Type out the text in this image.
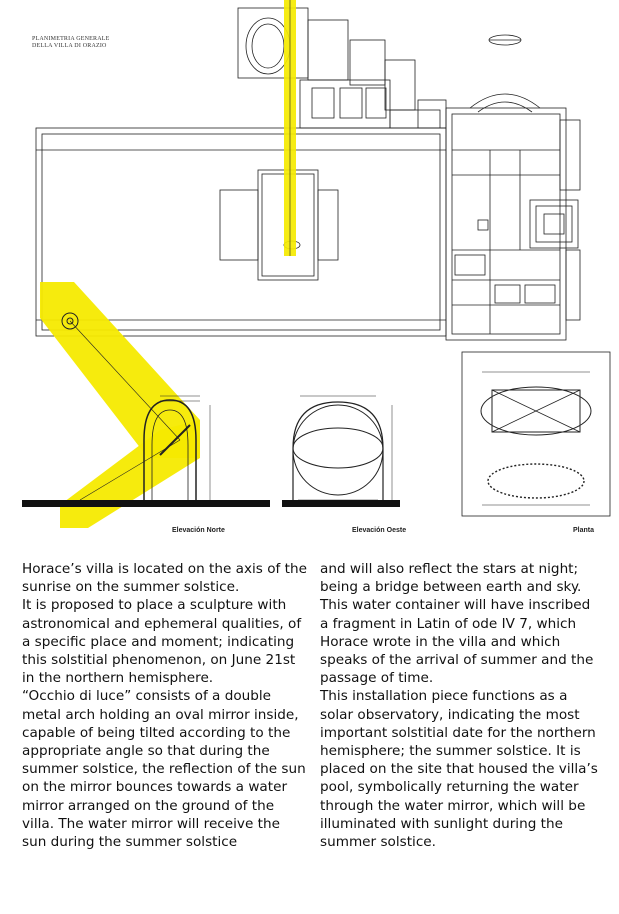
PLANIMETRIA GENERALE
DELLA VILLA DI ORAZIO
Elevación Norte	Elevación Oeste	Planta

Horace’s villa is located on the axis of the sunrise on the summer solstice.

It is proposed to place a sculpture with astronomical and ephemeral qualities, of a specific place and moment; indicating this solstitial phenomenon, on June 21st in the northern hemisphere.

“Occhio di luce” consists of a double metal arch holding an oval mirror inside, capable of being tilted according to the appropriate angle so that during the summer solstice, the reflection of the sun on the mirror bounces towards a water mirror arranged on the ground of the villa. The water mirror will receive the sun during the summer solstice

and will also reflect the stars at night; being a bridge between earth and sky. This water container will have inscribed a fragment in Latin of ode IV 7, which Horace wrote in the villa and which speaks of the arrival of summer and the passage of time.

This installation piece functions as a solar observatory, indicating the most important solstitial date for the northern hemisphere; the summer solstice. It is placed on the site that housed the villa’s pool, symbolically returning the water through the water mirror, which will be illuminated with sunlight during the summer solstice.
